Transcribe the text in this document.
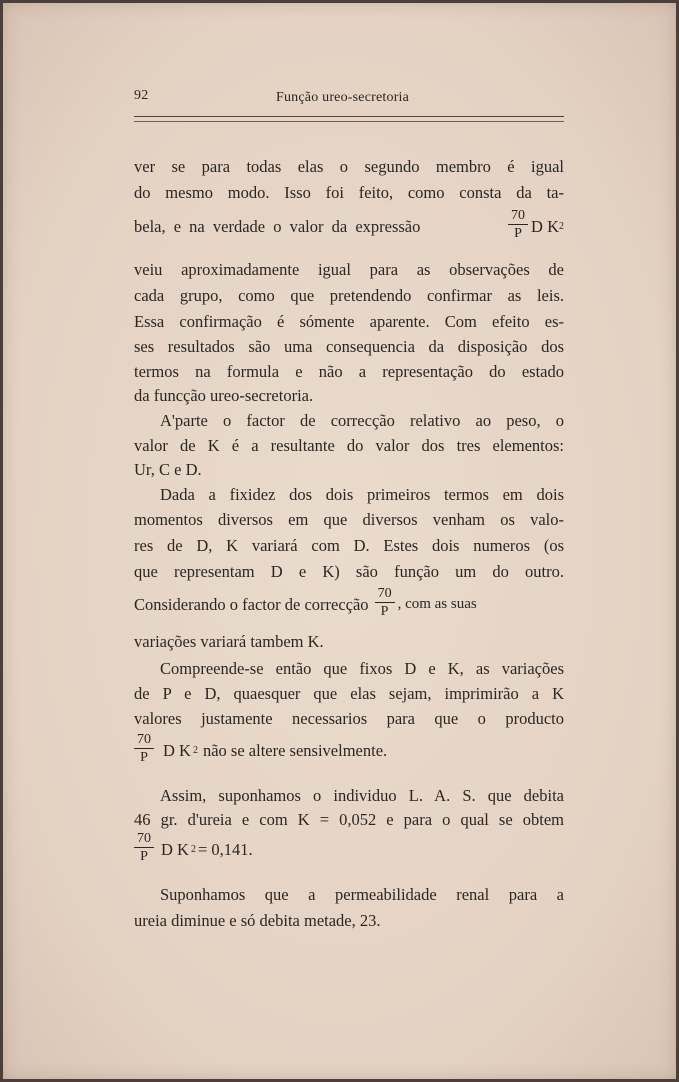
92	Função ureo-secretoria
ver se para todas elas o segundo membro é igual
do mesmo modo. Isso foi feito, como consta da ta-
bela, e na verdade o valor da expressão	$\frac{70}{P}$ D K 2
veiu aproximadamente igual para as observações de
cada grupo, como que pretendendo confirmar as leis.
Essa confirmação é sómente aparente. Com efeito es-
ses resultados são uma consequencia da disposição dos
termos na formula e não a representação do estado
da funcção ureo-secretoria.
A'parte o factor de correcção relativo ao peso, o
valor de K é a resultante do valor dos tres elementos:
Ur, C e D.
Dada a fixidez dos dois primeiros termos em dois
momentos diversos em que diversos venham os valo-
res de D, K variará com D. Estes dois numeros (os
que representam D e K) são função um do outro.
Considerando o factor de correcção $\frac{70}{P}$ , com as suas
variações variará tambem K.
Compreende-se então que fixos D e K, as variações
de P e D, quaesquer que elas sejam, imprimirão a K
valores justamente necessarios para que o producto
$\frac{70}{P}$ D K 2 não se altere sensivelmente.
Assim, suponhamos o individuo L. A. S. que debita
46 gr. d'ureia e com K = 0,052 e para o qual se obtem
$\frac{70}{P}$ D K 2 = 0,141.
Suponhamos que a permeabilidade renal para a
ureia diminue e só debita metade, 23.
